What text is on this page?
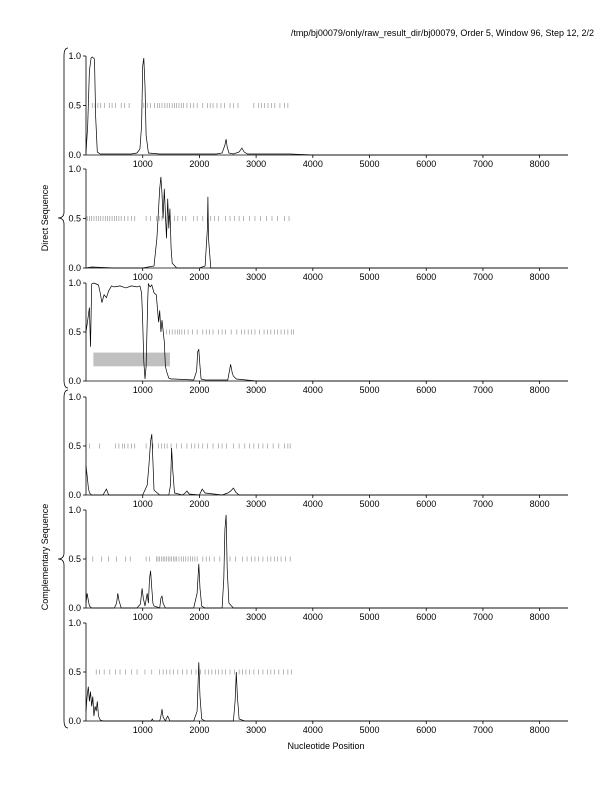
/tmp/bj00079/only/raw_result_dir/bj00079, Order 5, Window 96, Step 12, 2/2
0.0
0.5
1.0
1000	2000	3000	4000	5000	6000	7000	8000
0.0
0.5
1.0
1000	2000	3000	4000	5000	6000	7000	8000
0.0
0.5
1.0
1000	2000	3000	4000	5000	6000	7000	8000
0.0
0.5
1.0
1000	2000	3000	4000	5000	6000	7000	8000
0.0
0.5
1.0
1000	2000	3000	4000	5000	6000	7000	8000
0.0
0.5
1.0
1000	2000	3000	4000	5000	6000	7000	8000
Nucleotide Position
Direct Sequence
Complementary Sequence
